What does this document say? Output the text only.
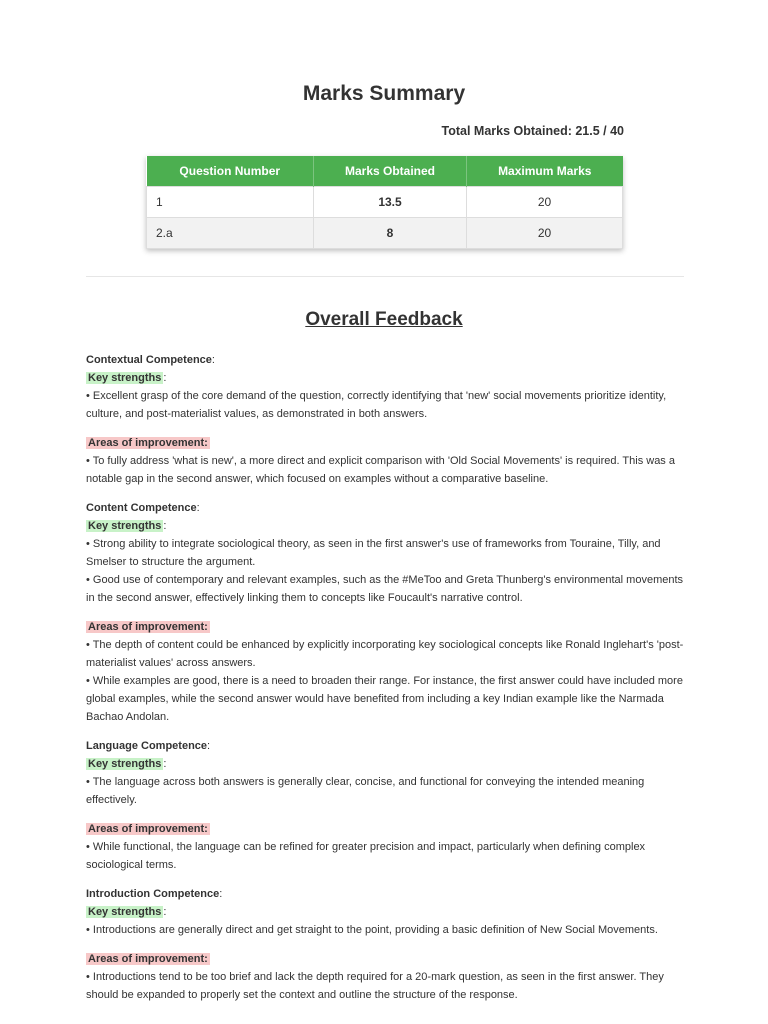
Marks Summary
Total Marks Obtained: 21.5 / 40
Question Number	Marks Obtained	Maximum Marks
1	13.5	20
2.a	8	20
Overall Feedback
Contextual Competence:
Key strengths :
• Excellent grasp of the core demand of the question, correctly identifying that 'new' social movements prioritize identity, culture, and post-materialist values, as demonstrated in both answers.
Areas of improvement:
• To fully address 'what is new', a more direct and explicit comparison with 'Old Social Movements' is required. This was a notable gap in the second answer, which focused on examples without a comparative baseline.
Content Competence:
Key strengths :
• Strong ability to integrate sociological theory, as seen in the first answer's use of frameworks from Touraine, Tilly, and Smelser to structure the argument.
• Good use of contemporary and relevant examples, such as the #MeToo and Greta Thunberg's environmental movements in the second answer, effectively linking them to concepts like Foucault's narrative control.
Areas of improvement:
• The depth of content could be enhanced by explicitly incorporating key sociological concepts like Ronald Inglehart's 'post-materialist values' across answers.
• While examples are good, there is a need to broaden their range. For instance, the first answer could have included more global examples, while the second answer would have benefited from including a key Indian example like the Narmada Bachao Andolan.
Language Competence:
Key strengths :
• The language across both answers is generally clear, concise, and functional for conveying the intended meaning effectively.
Areas of improvement:
• While functional, the language can be refined for greater precision and impact, particularly when defining complex sociological terms.
Introduction Competence:
Key strengths :
• Introductions are generally direct and get straight to the point, providing a basic definition of New Social Movements.
Areas of improvement:
• Introductions tend to be too brief and lack the depth required for a 20-mark question, as seen in the first answer. They should be expanded to properly set the context and outline the structure of the response.
